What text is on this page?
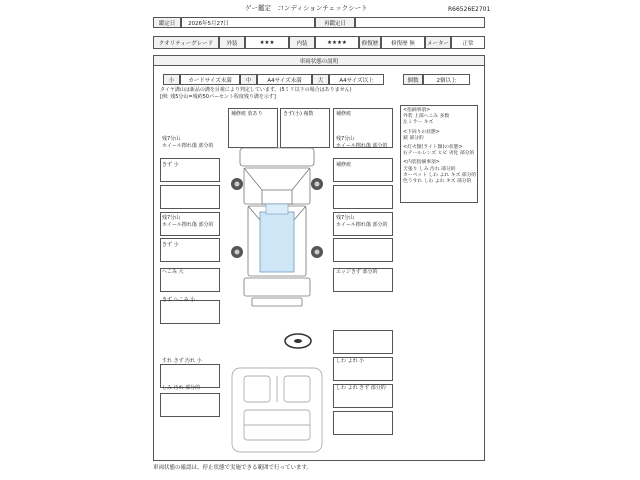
ゲー鑑定　コンディションチェックシート	R66526E2701
鑑定日	2026年5月27日	再鑑定日
クオリティーグレード	外装	★★★	内装	★★★★	修復歴	修復歴 無	メーター	正常
車両状態の説明
小	カードサイズ未満	中	A4サイズ未満	大	A4サイズ以上	個数	2個以上
タイヤ溝山は新品の溝を目視により判定しています。(5ミリ以下の場合はありません)
[例: 残5分山=残約50パーセント程度残り溝を示す]
<指摘事項>
外装 上部へこみ 多数
左ミラー キズ
<下回りの状態>
錆 部分的
<灯火類(ライト類)の状態>
右テールレンズ ヒビ 劣化 部分的
<内装指摘事項>
天張り しみ 汚れ 部分的
カーペット しわ よれ キズ 部分的
色うすれ しわ よれ キズ 部分的
補修痕 放あり	きず(小) 複数	補修痕
残7分山
ホイール擦れ傷 部分的
残7分山
ホイール擦れ傷 部分的
きず 小	補修痕
残7分山
ホイール擦れ傷 部分的
残7分山
ホイール擦れ傷 部分的
きず 小
へこみ 大	エッジきず 部分的
きず へこみ 小
すれ きず 汚れ 小	しわ よれ 小
しみ 汚れ 部分的	しわ よれ きず 部分的
車両状態の確認は、停止状態で実施できる範囲で行っています。
